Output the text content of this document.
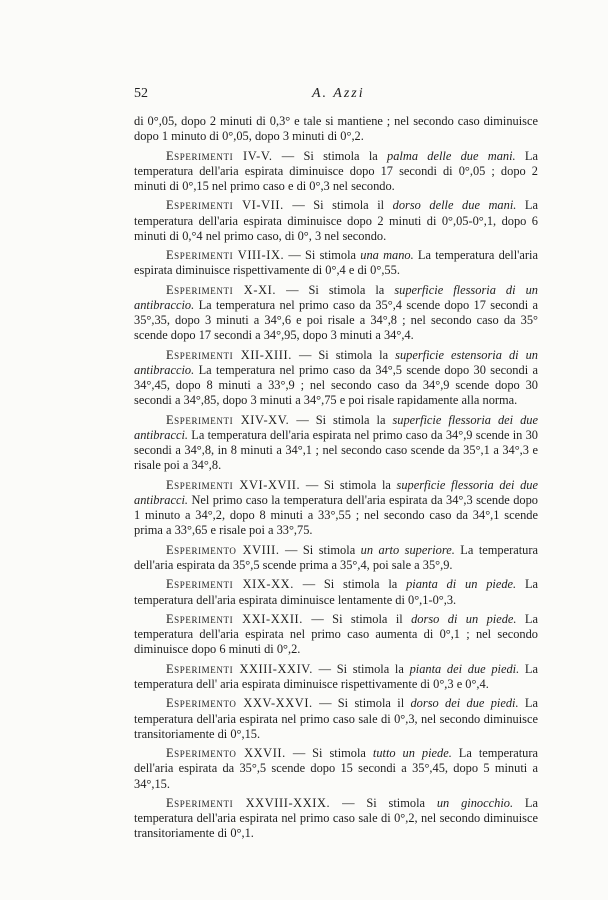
52	A. Azzi

di 0°,05, dopo 2 minuti di 0,3° e tale si mantiene ; nel secondo caso diminuisce dopo 1 minuto di 0°,05, dopo 3 minuti di 0°,2.

Esperimenti IV-V. — Si stimola la palma delle due mani. La temperatura dell'aria espirata diminuisce dopo 17 secondi di 0°,05 ; dopo 2 minuti di 0°,15 nel primo caso e di 0°,3 nel secondo.

Esperimenti VI-VII. — Si stimola il dorso delle due mani. La temperatura dell'aria espirata diminuisce dopo 2 minuti di 0°,05-0°,1, dopo 6 minuti di 0,°4 nel primo caso, di 0°, 3 nel secondo.

Esperimenti VIII-IX. — Si stimola una mano. La temperatura dell'aria espirata diminuisce rispettivamente di 0°,4 e di 0°,55.

Esperimenti X-XI. — Si stimola la superficie flessoria di un antibraccio. La temperatura nel primo caso da 35°,4 scende dopo 17 secondi a 35°,35, dopo 3 minuti a 34°,6 e poi risale a 34°,8 ; nel secondo caso da 35° scende dopo 17 secondi a 34°,95, dopo 3 minuti a 34°,4.

Esperimenti XII-XIII. — Si stimola la superficie estensoria di un antibraccio. La temperatura nel primo caso da 34°,5 scende dopo 30 secondi a 34°,45, dopo 8 minuti a 33°,9 ; nel secondo caso da 34°,9 scende dopo 30 secondi a 34°,85, dopo 3 minuti a 34°,75 e poi risale rapidamente alla norma.

Esperimenti XIV-XV. — Si stimola la superficie flessoria dei due antibracci. La temperatura dell'aria espirata nel primo caso da 34°,9 scende in 30 secondi a 34°,8, in 8 minuti a 34°,1 ; nel secondo caso scende da 35°,1 a 34°,3 e risale poi a 34°,8.

Esperimenti XVI-XVII. — Si stimola la superficie flessoria dei due antibracci. Nel primo caso la temperatura dell'aria espirata da 34°,3 scende dopo 1 minuto a 34°,2, dopo 8 minuti a 33°,55 ; nel secondo caso da 34°,1 scende prima a 33°,65 e risale poi a 33°,75.

Esperimento XVIII. — Si stimola un arto superiore. La temperatura dell'aria espirata da 35°,5 scende prima a 35°,4, poi sale a 35°,9.

Esperimenti XIX-XX. — Si stimola la pianta di un piede. La temperatura dell'aria espirata diminuisce lentamente di 0°,1-0°,3.

Esperimenti XXI-XXII. — Si stimola il dorso di un piede. La temperatura dell'aria espirata nel primo caso aumenta di 0°,1 ; nel secondo diminuisce dopo 6 minuti di 0°,2.

Esperimenti XXIII-XXIV. — Si stimola la pianta dei due piedi. La temperatura dell' aria espirata diminuisce rispettivamente di 0°,3 e 0°,4.

Esperimento XXV-XXVI. — Si stimola il dorso dei due piedi. La temperatura dell'aria espirata nel primo caso sale di 0°,3, nel secondo diminuisce transitoriamente di 0°,15.

Esperimento XXVII. — Si stimola tutto un piede. La temperatura dell'aria espirata da 35°,5 scende dopo 15 secondi a 35°,45, dopo 5 minuti a 34°,15.

Esperimenti XXVIII-XXIX. — Si stimola un ginocchio. La temperatura dell'aria espirata nel primo caso sale di 0°,2, nel secondo diminuisce transitoriamente di 0°,1.
